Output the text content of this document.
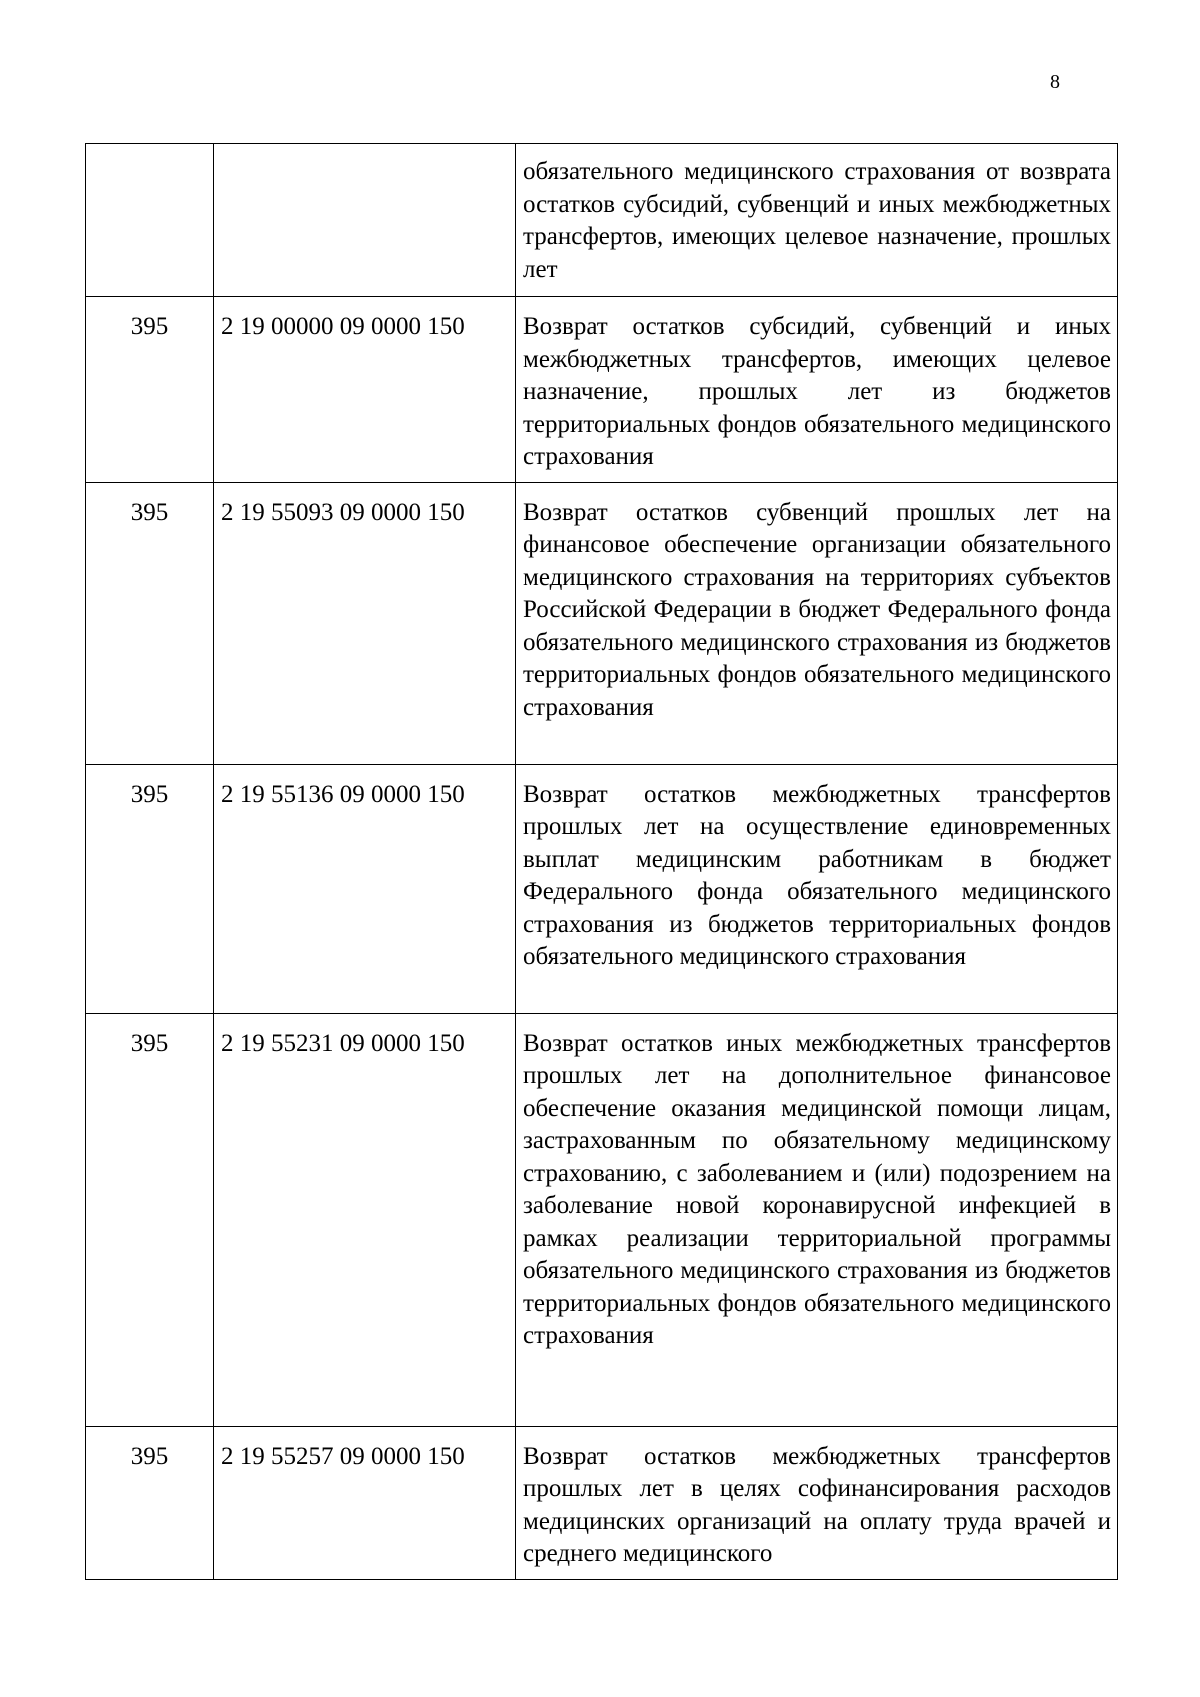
8
		обязательного медицинского страхования от возврата остатков субсидий, субвенций и иных межбюджетных трансфертов, имеющих целевое назначение, прошлых лет
395	2 19 00000 09 0000 150	Возврат остатков субсидий, субвенций и иных межбюджетных трансфертов, имеющих целевое назначение, прошлых лет из бюджетов территориальных фондов обязательного медицинского страхования
395	2 19 55093 09 0000 150	Возврат остатков субвенций прошлых лет на финансовое обеспечение организации обязательного медицинского страхования на территориях субъектов Российской Федерации в бюджет Федерального фонда обязательного медицинского страхования из бюджетов территориальных фондов обязательного медицинского страхования
395	2 19 55136 09 0000 150	Возврат остатков межбюджетных трансфертов прошлых лет на осуществление единовременных выплат медицинским работникам в бюджет Федерального фонда обязательного медицинского страхования из бюджетов территориальных фондов обязательного медицинского страхования
395	2 19 55231 09 0000 150	Возврат остатков иных межбюджетных трансфертов прошлых лет на дополнительное финансовое обеспечение оказания медицинской помощи лицам, застрахованным по обязательному медицинскому страхованию, с заболеванием и (или) подозрением на заболевание новой коронавирусной инфекцией в рамках реализации территориальной программы обязательного медицинского страхования из бюджетов территориальных фондов обязательного медицинского страхования
395	2 19 55257 09 0000 150	Возврат остатков межбюджетных трансфертов прошлых лет в целях софинансирования расходов медицинских организаций на оплату труда врачей и среднего медицинского
